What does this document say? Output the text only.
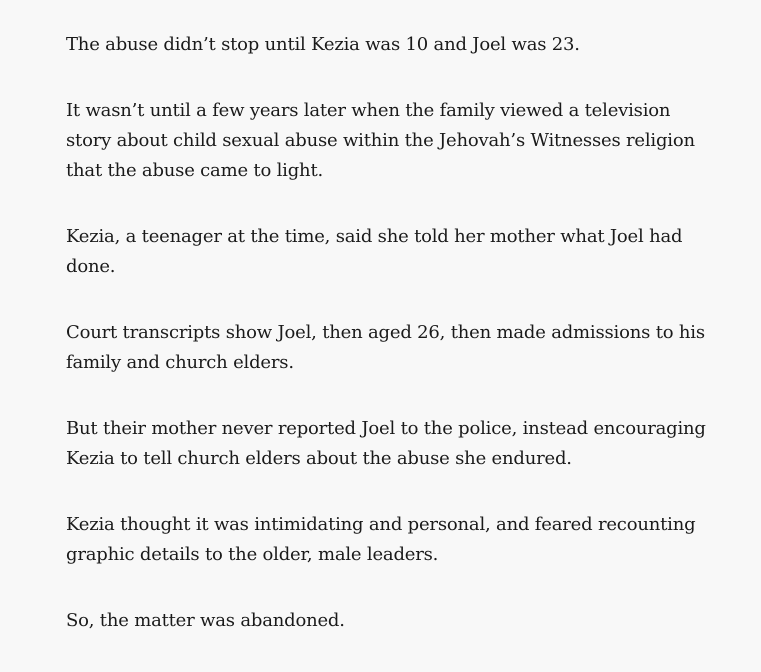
The abuse didn’t stop until Kezia was 10 and Joel was 23.

It wasn’t until a few years later when the family viewed a television story about child sexual abuse within the Jehovah’s Witnesses religion that the abuse came to light.

Kezia, a teenager at the time, said she told her mother what Joel had done.

Court transcripts show Joel, then aged 26, then made admissions to his family and church elders.

But their mother never reported Joel to the police, instead encouraging Kezia to tell church elders about the abuse she endured.

Kezia thought it was intimidating and personal, and feared recounting graphic details to the older, male leaders.

So, the matter was abandoned.
